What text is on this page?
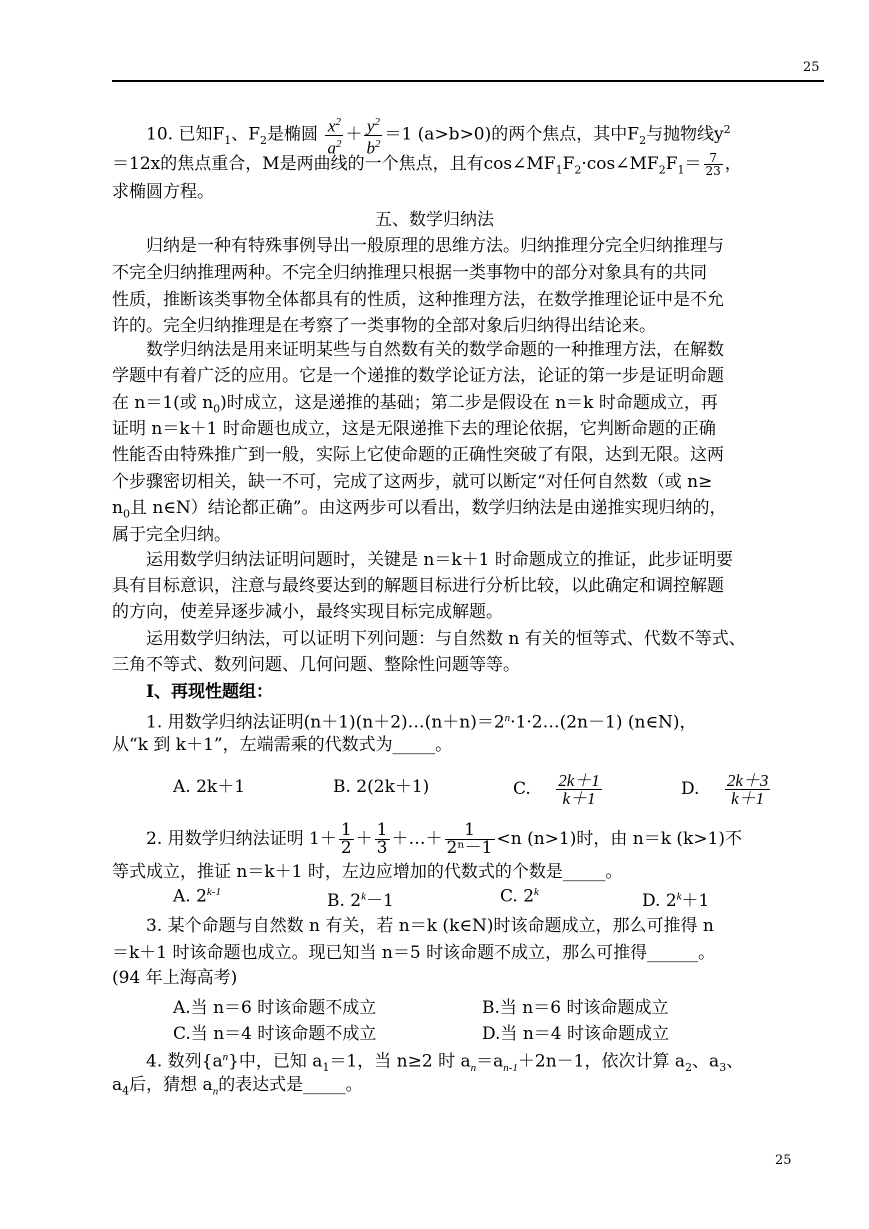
25
10. 已知$F_1$、$F_2$是椭圆 $\frac{x^2}{a^2} + \frac{y^2}{b^2} =1$ (a>b>0)的两个焦点，其中$F_2$与抛物线$y^2$
＝12x的焦点重合，M是两曲线的一个焦点，且有$\cos\angle MF_1F_2\cdot\cos\angle MF_2F_1= \frac{7}{23}$ ，
求椭圆方程。
五、数学归纳法
归纳是一种有特殊事例导出一般原理的思维方法。归纳推理分完全归纳推理与
不完全归纳推理两种。不完全归纳推理只根据一类事物中的部分对象具有的共同
性质，推断该类事物全体都具有的性质，这种推理方法，在数学推理论证中是不允
许的。完全归纳推理是在考察了一类事物的全部对象后归纳得出结论来。
数学归纳法是用来证明某些与自然数有关的数学命题的一种推理方法，在解数
学题中有着广泛的应用。它是一个递推的数学论证方法，论证的第一步是证明命题
在 n＝1(或 $n_0$)时成立，这是递推的基础；第二步是假设在 n＝k 时命题成立，再
证明 n＝k＋1 时命题也成立，这是无限递推下去的理论依据，它判断命题的正确
性能否由特殊推广到一般，实际上它使命题的正确性突破了有限，达到无限。这两
个步骤密切相关，缺一不可，完成了这两步，就可以断定“对任何自然数（或 n≥
$n_0$且 n∈N）结论都正确”。由这两步可以看出，数学归纳法是由递推实现归纳的，
属于完全归纳。
运用数学归纳法证明问题时，关键是 n＝k＋1 时命题成立的推证，此步证明要
具有目标意识，注意与最终要达到的解题目标进行分析比较，以此确定和调控解题
的方向，使差异逐步减小，最终实现目标完成解题。
运用数学归纳法，可以证明下列问题：与自然数 n 有关的恒等式、代数不等式、
三角不等式、数列问题、几何问题、整除性问题等等。
Ⅰ、再现性题组：
1. 用数学归纳法证明$(n+1)(n+2)\dots(n+n)=2^n\cdot 1\cdot 2\dots(2n-1)$ (n∈N)，
从“k 到 k＋1”，左端需乘的代数式为_____。
A. 2k＋1	B. 2(2k＋1)	C. $\frac{2k+1}{k+1}$	D. $\frac{2k+3}{k+1}$
2. 用数学归纳法证明 $1+ \frac{1}{2} + \frac{1}{3}$ ＋…＋ $\frac{1}{\text{2ⁿ－1}} <n$ (n>1)时，由 n＝k (k>1)不
等式成立，推证 n＝k＋1 时，左边应增加的代数式的个数是_____。
A. 2$^{k-1}$	B. $2^k-1$	C. 2$^k$	D. $2^k+1$
3. 某个命题与自然数 n 有关，若 n＝k (k∈N)时该命题成立，那么可推得 n
＝k＋1 时该命题也成立。现已知当 n＝5 时该命题不成立，那么可推得______。
(94 年上海高考)
A.当 n＝6 时该命题不成立	B.当 n＝6 时该命题成立
C.当 n＝4 时该命题不成立	D.当 n＝4 时该命题成立
4. 数列$\{a^n\}$中，已知 $a_1=1$，当 n≥2 时 $a_n=a_{n-1}+2n-1$，依次计算 $a_2$、$a_3$、
$a_4$后，猜想 $a_n$的表达式是_____。
25
